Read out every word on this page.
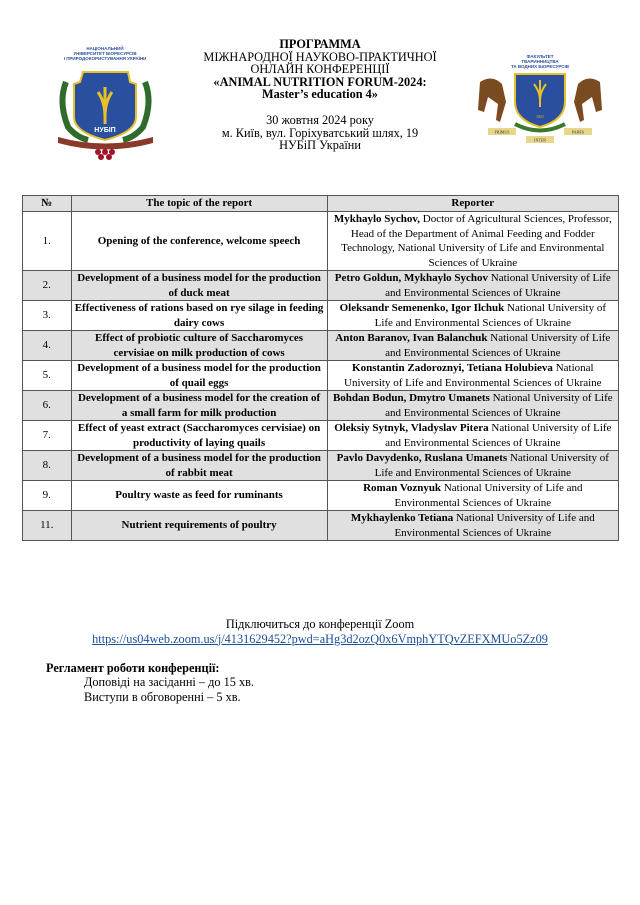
НАЦІОНАЛЬНИЙ
УНІВЕРСИТЕТ БІОРЕСУРСІВ
І ПРИРОДОКОРИСТУВАННЯ УКРАЇНИ
НУБІП
ПРОГРАММА
МІЖНАРОДНОЇ НАУКОВО-ПРАКТИЧНОЇ
ОНЛАЙН КОНФЕРЕНЦІЇ
«ANIMAL NUTRITION FORUM-2024:
Master’s education 4»
30 жовтня 2024 року
м. Київ, вул. Горіхуватський шлях, 19
НУБіП України
ФАКУЛЬТЕТ
ТВАРИННИЦТВА
ТА ВОДНИХ БІОРЕСУРСІВ
1921
PRIMUS
INTER
PARES
№	The topic of the report	Reporter
1.	Opening of the conference, welcome speech	Mykhaylo Sychov, Doctor of Agricultural Sciences, Professor, Head of the Department of Animal Feeding and Fodder Technology, National University of Life and Environmental Sciences of Ukraine
2.	Development of a business model for the production of duck meat	Petro Goldun, Mykhaylo Sychov National University of Life and Environmental Sciences of Ukraine
3.	Effectiveness of rations based on rye silage in feeding dairy cows	Oleksandr Semenenko, Igor Ilchuk National University of Life and Environmental Sciences of Ukraine
4.	Effect of probiotic culture of Saccharomyces cervisiae on milk production of cows	Anton Baranov, Ivan Balanchuk National University of Life and Environmental Sciences of Ukraine
5.	Development of a business model for the production of quail eggs	Konstantin Zadoroznyi, Tetiana Holubieva National University of Life and Environmental Sciences of Ukraine
6.	Development of a business model for the creation of a small farm for milk production	Bohdan Bodun, Dmytro Umanets National University of Life and Environmental Sciences of Ukraine
7.	Effect of yeast extract (Saccharomyces cervisiae) on productivity of laying quails	Oleksiy Sytnyk, Vladyslav Pitera National University of Life and Environmental Sciences of Ukraine
8.	Development of a business model for the production of rabbit meat	Pavlo Davydenko, Ruslana Umanets National University of Life and Environmental Sciences of Ukraine
9.	Poultry waste as feed for ruminants	Roman Voznyuk National University of Life and Environmental Sciences of Ukraine
11.	Nutrient requirements of poultry	Mykhaylenko Tetiana National University of Life and Environmental Sciences of Ukraine
Підключиться до конференції Zoom
https://us04web.zoom.us/j/4131629452?pwd=aHg3d2ozQ0x6VmphYTQvZEFXMUo5Zz09
Регламент роботи конференції:
Доповіді на засіданні – до 15 хв.
Виступи в обговоренні – 5 хв.
